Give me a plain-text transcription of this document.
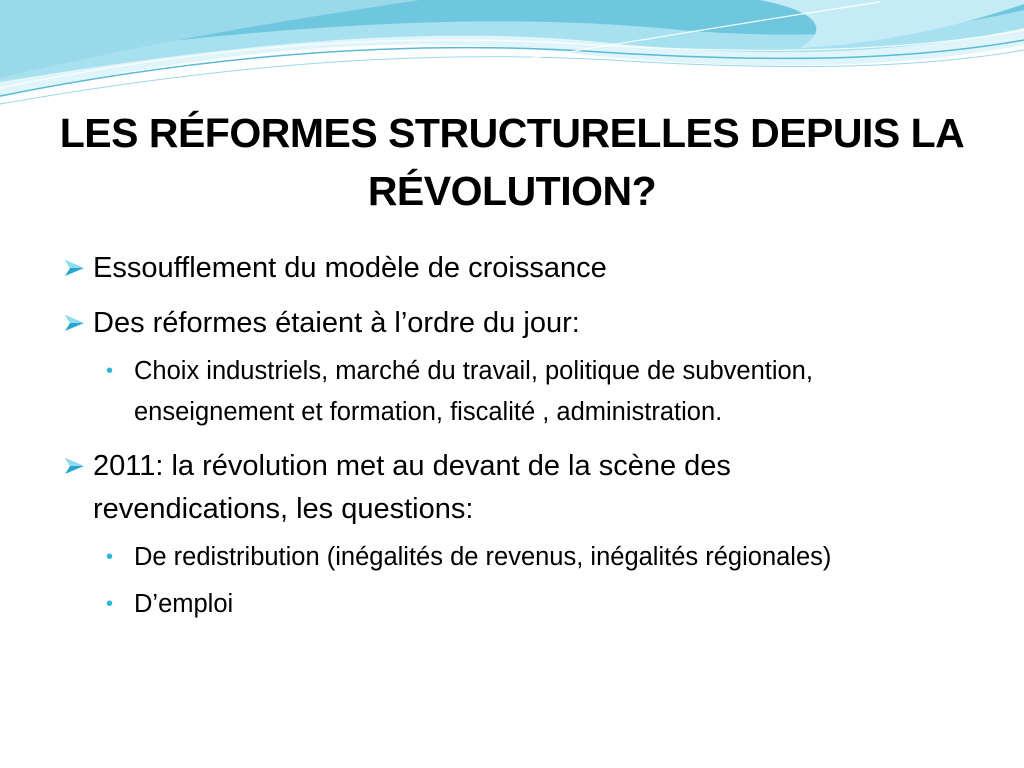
LES RÉFORMES STRUCTURELLES DEPUIS LA RÉVOLUTION?
Essoufflement du modèle de croissance
Des réformes étaient à l’ordre du jour:
• Choix industriels, marché du travail, politique de subvention, enseignement et formation, fiscalité , administration.
2011: la révolution met au devant de la scène des revendications, les questions:
• De redistribution (inégalités de revenus, inégalités régionales)
• D’emploi
